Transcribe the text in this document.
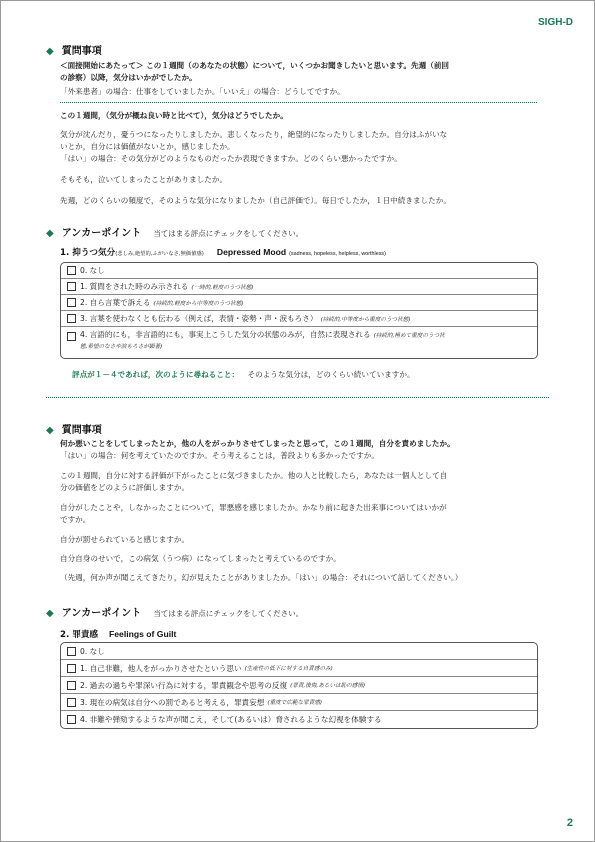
SIGH-D
◆ 質問事項
＜面接開始にあたって＞ この１週間（のあなたの状態）について，いくつかお聞きしたいと思います。先週（前回
の診察）以降，気分はいかがでしたか。
「外来患者」の場合：仕事をしていましたか。「いいえ」の場合：どうしてですか。
この１週間，（気分が概ね良い時と比べて），気分はどうでしたか。
気分が沈んだり，憂うつになったりしましたか。悲しくなったり，絶望的になったりしましたか。自分はふがいな
いとか，自分には価値がないとか，感じましたか。
「はい」の場合：その気分がどのようなものだったか表現できますか。どのくらい悪かったですか。
そもそも，泣いてしまったことがありましたか。
先週，どのくらいの頻度で，そのような気分になりましたか（自己評価で）。毎日でしたか，１日中続きましたか。
◆ アンカーポイント 当てはまる評点にチェックをしてください。
1. 抑うつ気分(悲しみ,絶望的,ふがいなさ,無価値感) Depressed Mood (sadness, hopeless, helpless, worthless)
0. なし
1. 質問をされた時のみ示される (一時的,軽度のうつ状態)
2. 自ら言葉で訴える (持続的,軽度から中等度のうつ状態)
3. 言葉を使わなくとも伝わる（例えば，表情・姿勢・声・涙もろさ） (持続的,中等度から重度のうつ状態)
4. 言語的にも，非言語的にも，事実上こうした気分の状態のみが，自然に表現される (持続的,極めて重度のうつ状
態,希望のなさや涙もろさが顕著)
評点が１－４であれば，次のように尋ねること： そのような気分は，どのくらい続いていますか。
◆ 質問事項
何か悪いことをしてしまったとか，他の人をがっかりさせてしまったと思って，この１週間，自分を責めましたか。
「はい」の場合：何を考えていたのですか。そう考えることは，普段よりも多かったですか。
この１週間，自分に対する評価が下がったことに気づきましたか。他の人と比較したら，あなたは一個人として自
分の価値をどのように評価しますか。
自分がしたことや，しなかったことについて，罪悪感を感じましたか。かなり前に起きた出来事についてはいかが
ですか。
自分が罰せられていると感じますか。
自分自身のせいで，この病気（うつ病）になってしまったと考えているのですか。
（先週，何か声が聞こえてきたり，幻が見えたことがありましたか。「はい」の場合：それについて話してください。）
◆ アンカーポイント 当てはまる評点にチェックをしてください。
2. 罪責感 Feelings of Guilt
0. なし
1. 自己非難，他人をがっかりさせたという思い (生産性の低下に対する自責感のみ)
2. 過去の過ちや罪深い行為に対する，罪責観念や思考の反復 (罪責,後悔,あるいは恥の感情)
3. 現在の病気は自分への罰であると考える，罪責妄想 (重度で広範な罪責感)
4. 非難や弾劾するような声が聞こえ，そして(あるいは）脅されるような幻視を体験する
2
